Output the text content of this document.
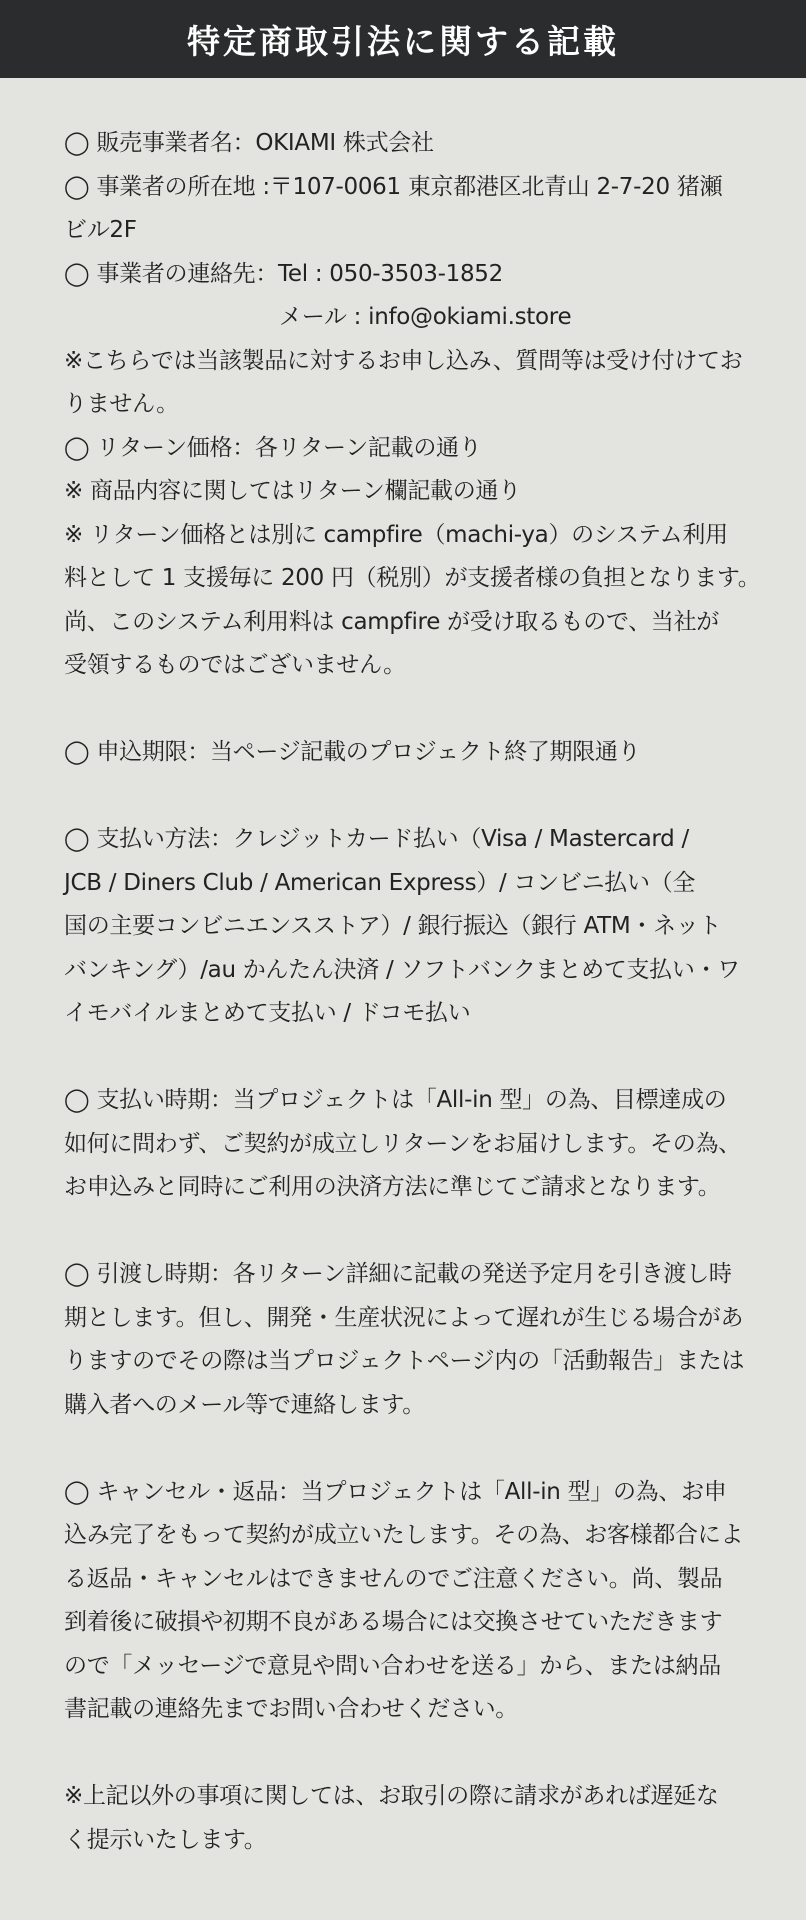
特定商取引法に関する記載
◯ 販売事業者名：OKIAMI 株式会社
◯ 事業者の所在地 :〒107-0061 東京都港区北青山 2-7-20 猪瀬
ビル2F
◯ 事業者の連絡先：Tel : 050-3503-1852
メール : info@okiami.store
※こちらでは当該製品に対するお申し込み、質問等は受け付けてお
りません。
◯ リターン価格：各リターン記載の通り
※ 商品内容に関してはリターン欄記載の通り
※ リターン価格とは別に campfire（machi-ya）のシステム利用
料として 1 支援毎に 200 円（税別）が支援者様の負担となります。
尚、このシステム利用料は campfire が受け取るもので、当社が
受領するものではございません。
◯ 申込期限：当ページ記載のプロジェクト終了期限通り
◯ 支払い方法：クレジットカード払い（Visa / Mastercard /
JCB / Diners Club / American Express）/ コンビニ払い（全
国の主要コンビニエンスストア）/ 銀行振込（銀行 ATM・ネット
バンキング）/au かんたん決済 / ソフトバンクまとめて支払い・ワ
イモバイルまとめて支払い / ドコモ払い
◯ 支払い時期：当プロジェクトは「All-in 型」の為、目標達成の
如何に問わず、ご契約が成立しリターンをお届けします。その為、
お申込みと同時にご利用の決済方法に準じてご請求となります。
◯ 引渡し時期：各リターン詳細に記載の発送予定月を引き渡し時
期とします。但し、開発・生産状況によって遅れが生じる場合があ
りますのでその際は当プロジェクトページ内の「活動報告」または
購入者へのメール等で連絡します。
◯ キャンセル・返品：当プロジェクトは「All-in 型」の為、お申
込み完了をもって契約が成立いたします。その為、お客様都合によ
る返品・キャンセルはできませんのでご注意ください。尚、製品
到着後に破損や初期不良がある場合には交換させていただきます
ので「メッセージで意見や問い合わせを送る」から、または納品
書記載の連絡先までお問い合わせください。
※上記以外の事項に関しては、お取引の際に請求があれば遅延な
く提示いたします。
